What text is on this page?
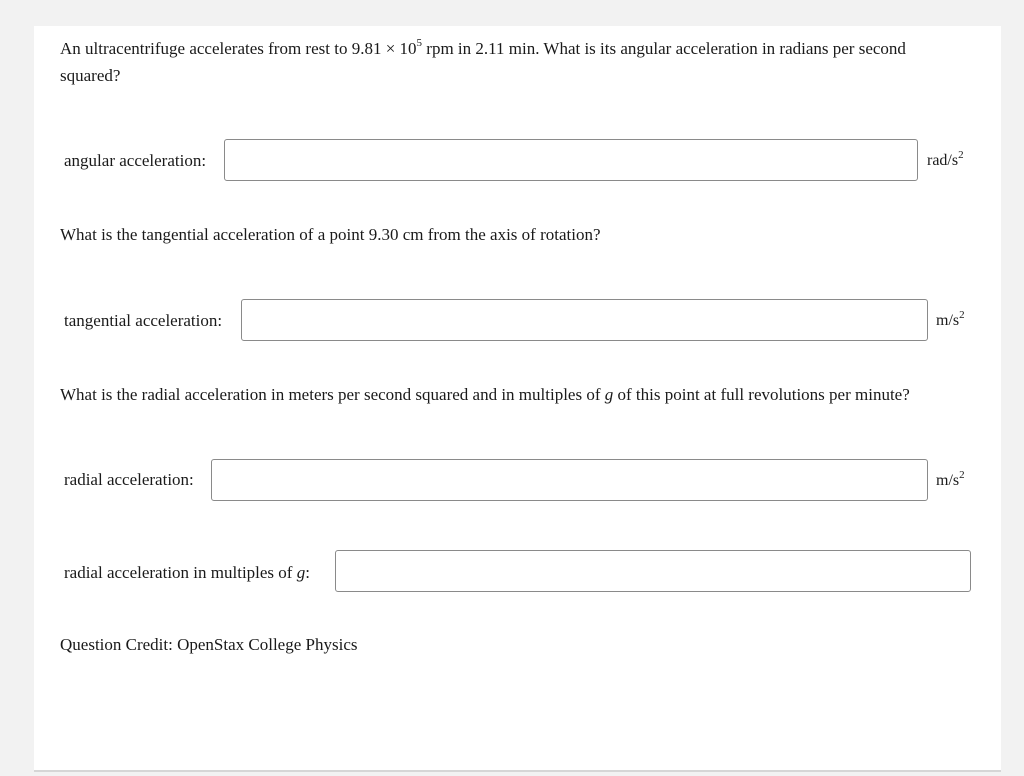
An ultracentrifuge accelerates from rest to $9.81 \times 10^5$ rpm in 2.11 min. What is its angular acceleration in radians per second squared?
angular acceleration:	rad/$s^2$
What is the tangential acceleration of a point 9.30 cm from the axis of rotation?
tangential acceleration:	$m/s^2$
What is the radial acceleration in meters per second squared and in multiples of g of this point at full revolutions per minute?
radial acceleration:	$m/s^2$
radial acceleration in multiples of g:
Question Credit: OpenStax College Physics
